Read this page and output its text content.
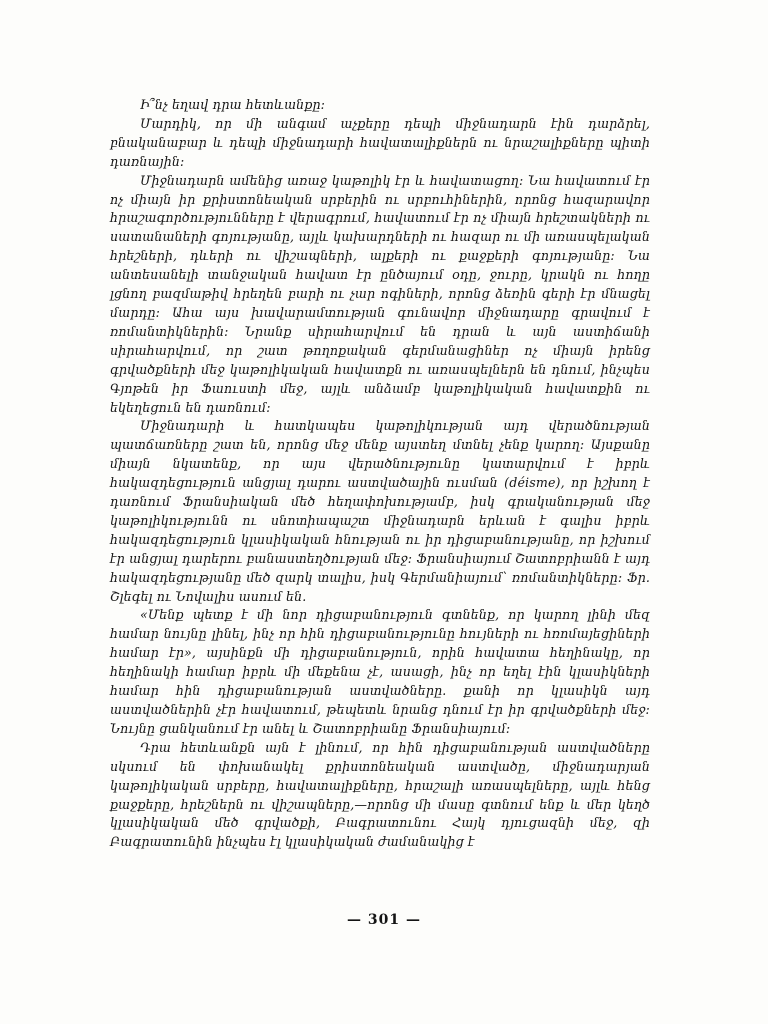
Ի՞նչ եղավ դրա հետևանքը։

Մարդիկ, որ մի անգամ աչքերը դեպի միջնադարն էին դարձրել, բնականաբար և դեպի միջնադարի հավատալիքներն ու նրաշալիքները պիտի դառնային։

Միջնադարն ամենից առաջ կաթոլիկ էր և հավատացող։ Նա հավատում էր ոչ միայն իր քրիստոնեական սրբերին ու սրբուհիներին, որոնց հազարավոր հրաշագործությունները է վերագրում, հավատում էր ոչ միայն հրեշտակների ու սատանաների գոյությանը, այլև կախարդների ու հազար ու մի առասպելական հրեշների, դևերի ու վիշապների, ալքերի ու քաջքերի գոյությանը։ Նա անտեսանելի տանջական հավատ էր ընծայում օդը, ջուրը, կրակն ու հողը լցնող բազմաթիվ հրեղեն բարի ու չար ոգիների, որոնց ձեռին գերի էր մնացել մարդը։ Ահա այս խավարամտության գունավոր միջնադարը գրավում է ռոմանտիկներին։ Նրանք սիրահարվում են դրան և այն աստիճանի սիրահարվում, որ շատ թողոքական գերմանացիներ ոչ միայն իրենց գրվածքների մեջ կաթոլիկական հավատքն ու առասպելներն են դնում, ինչպես Գյոթեն իր Ֆաուստի մեջ, այլև անձամբ կաթոլիկական հավատքին ու եկեղեցուն են դառնում։

Միջնադարի և հատկապես կաթոլիկության այդ վերածնության պատճառները շատ են, որոնց մեջ մենք այստեղ մտնել չենք կարող։ Այսքանը միայն նկատենք, որ այս վերածնությունը կատարվում է իբրև հակազդեցություն անցյալ դարու աստվածային ուսման (déisme), որ իշխող է դառնում Ֆրանսիական մեծ հեղափոխությամբ, իսկ գրականության մեջ կաթոլիկությունն ու սնոտիապաշտ միջնադարն երևան է գալիս իբրև հակազդեցություն կլասիկական հնության ու իր դիցաբանությանը, որ իշխում էր անցյալ դարերու բանաստեղծության մեջ։ Ֆրանսիայում Շատոբրիանն է այդ հակազդեցությանը մեծ զարկ տալիս, իսկ Գերմանիայում՝ ռոմանտիկները։ Ֆր. Շլեգել ու Նովալիս ասում են.

«Մենք պետք է մի նոր դիցաբանություն գտնենք, որ կարող լինի մեզ համար նույնը լինել, ինչ որ հին դիցաբանությունը հույների ու հռոմայեցիների համար էր», այսինքն մի դիցաբանություն, որին հավատա հեղինակը, որ հեղինակի համար իբրև մի մեքենա չէ, ասացի, ինչ որ եղել էին կլասիկների համար հին դիցաբանության աստվածները. քանի որ կլասիկն այդ աստվածներին չէր հավատում, թեպետև նրանց դնում էր իր գրվածքների մեջ։ Նույնը ցանկանում էր անել և Շատոբրիանը Ֆրանսիայում։

Դրա հետևանքն այն է լինում, որ հին դիցաբանության աստվածները սկսում են փոխանակել քրիստոնեական աստվածը, միջնադարյան կաթոլիկական սրբերը, հավատալիքները, հրաշալի առասպելները, այլև հենց քաջքերը, հրեշներն ու վիշապները,—որոնց մի մասը գտնում ենք և մեր կեղծ կլասիկական մեծ գրվածքի, Բագրատունու Հայկ դյուցազնի մեջ, զի Բագրատունին ինչպես էլ կլասիկական ժամանակից է

— 301 —
